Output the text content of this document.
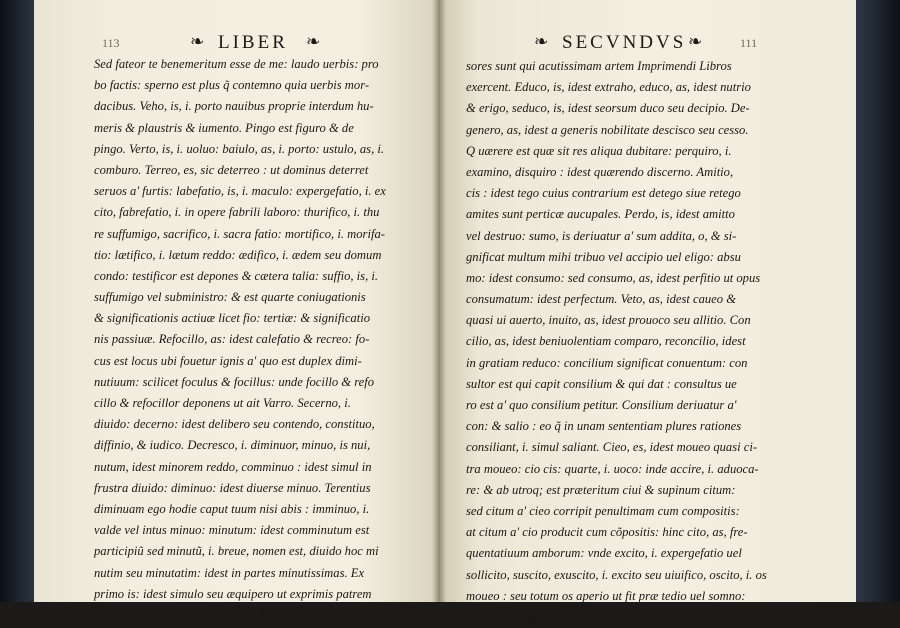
113	❧ LIBER ❧
Sed fateor te benemeritum esse de me: laudo uerbis: pro
bo factis: sperno est plus q̃ contemno quia uerbis mor-
dacibus. Veho, is, i. porto nauibus proprie interdum hu-
meris & plaustris & iumento. Pingo est figuro & de
pingo. Verto, is, i. uoluo: baiulo, as, i. porto: ustulo, as, i.
comburo. Terreo, es, sic deterreo : ut dominus deterret
seruos a' furtis: labefatio, is, i. maculo: expergefatio, i. ex
cito, fabrefatio, i. in opere fabrili laboro: thurifico, i. thu
re suffumigo, sacrifico, i. sacra fatio: mortifico, i. morifa-
tio: lætifico, i. lætum reddo: ædifico, i. ædem seu domum
condo: testificor est depones & cætera talia: suffio, is, i.
suffumigo vel subministro: & est quarte coniugationis
& significationis actiuæ licet fio: tertiæ: & significatio
nis passiuæ. Refocillo, as: idest calefatio & recreo: fo-
cus est locus ubi fouetur ignis a' quo est duplex dimi-
nutiuum: scilicet foculus & focillus: unde focillo & refo
cillo & refocillor deponens ut ait Varro. Secerno, i.
diuido: decerno: idest delibero seu contendo, constituo,
diffinio, & iudico. Decresco, i. diminuor, minuo, is nui,
nutum, idest minorem reddo, comminuo : idest simul in
frustra diuido: diminuo: idest diuerse minuo. Terentius
diminuam ego hodie caput tuum nisi abis : imminuo, i.
valde vel intus minuo: minutum: idest comminutum est
participiũ sed minutũ, i. breue, nomen est, diuido hoc mi
nutim seu minutatim: idest in partes minutissimas. Ex
primo is: idest simulo seu æquipero ut exprimis patrem
reprimo: idest refreno: imprimo, i. effingo: vnde Impres-
❧ SECVNDVS ❧	111
sores sunt qui acutissimam artem Imprimendi Libros
exercent. Educo, is, idest extraho, educo, as, idest nutrio
& erigo, seduco, is, idest seorsum duco seu decipio. De-
genero, as, idest a generis nobilitate descisco seu cesso.
Q uærere est quæ sit res aliqua dubitare: perquiro, i.
examino, disquiro : idest quærendo discerno. Amitio,
cis : idest tego cuius contrarium est detego siue retego
amites sunt perticæ aucupales. Perdo, is, idest amitto
vel destruo: sumo, is deriuatur a' sum addita, o, & si-
gnificat multum mihi tribuo vel accipio uel eligo: absu
mo: idest consumo: sed consumo, as, idest perfitio ut opus
consumatum: idest perfectum. Veto, as, idest caueo &
quasi ui auerto, inuito, as, idest prouoco seu allitio. Con
cilio, as, idest beniuolentiam comparo, reconcilio, idest
in gratiam reduco: concilium significat conuentum: con
sultor est qui capit consilium & qui dat : consultus ue
ro est a' quo consilium petitur. Consilium deriuatur a'
con: & salio : eo q̃ in unam sententiam plures rationes
consiliant, i. simul saliant. Cieo, es, idest moueo quasi ci-
tra moueo: cio cis: quarte, i. uoco: inde accire, i. aduoca-
re: & ab utroq; est præteritum ciui & supinum citum:
sed citum a' cieo corripit penultimam cum compositis:
at citum a' cio producit cum cõpositis: hinc cito, as, fre-
quentatiuum amborum: vnde excito, i. expergefatio uel
sollicito, suscito, exuscito, i. excito seu uiuifico, oscito, i. os
moueo : seu totum os aperio ut fit præ tedio uel somno:
oscitor est deponens: sic Cicero sedetis & oscitamini.
